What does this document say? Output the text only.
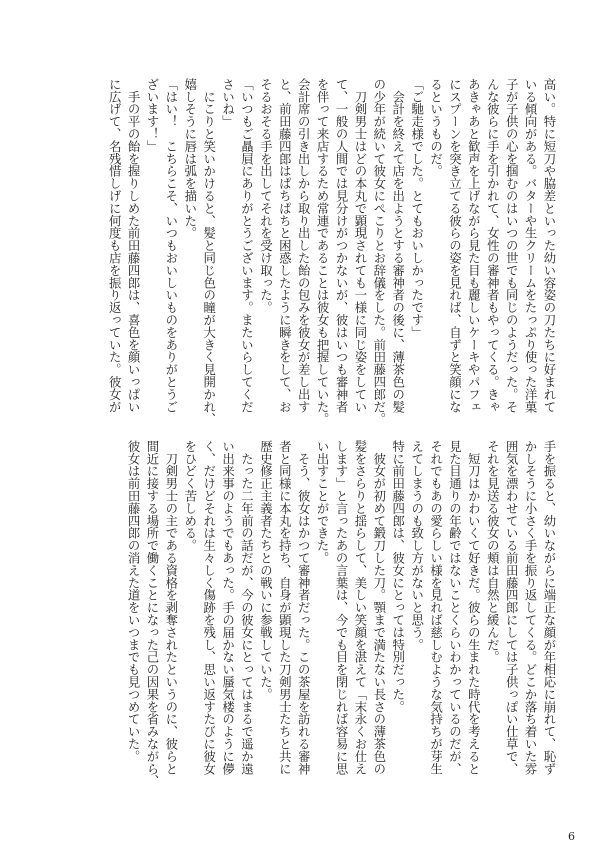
高い。特に短刀や脇差といった幼い容姿の刀たちに好まれて
いる傾向がある。バターや生クリームをたっぷり使った洋菓
子が子供の心を掴むのはいつの世でも同じのようだった。そ
んな彼らに手を引かれて、女性の審神者もやってくる。きゃ
あきゃあと歓声を上げながら見た目も麗しいケーキやパフェ
にスプーンを突き立てる彼らの姿を見れば、自ずと笑顔にな
るというものだ。
「ご馳走様でした。とてもおいしかったです」
　会計を終えて店を出ようとする審神者の後に、薄茶色の髪
の少年が続いて彼女にぺこりとお辞儀をした。前田藤四郎だ。
　刀剣男士はどの本丸で顕現されても一様に同じ姿をしてい
て、一般の人間では見分けがつかないが、彼はいつも審神者
を伴って来店するため常連であることは彼女も把握していた。
会計席の引き出しから取り出した飴の包みを彼女が差し出す
と、前田藤四郎はぱちぱちと困惑したように瞬きをして、お
そるおそる手を出してそれを受け取った。
「いつもご贔屓にありがとうございます。またいらしてくだ
さいね」
　にこりと笑いかけると、髪と同じ色の瞳が大きく見開かれ、
嬉しそうに唇は弧を描いた。
「はい！　こちらこそ、いつもおいしいものをありがとうご
ざいます！」
　手の平の飴を握りしめた前田藤四郎は、喜色を顔いっぱい
に広げて、名残惜しげに何度も店を振り返っていた。彼女が
手を振ると、幼いながらに端正な顔が年相応に崩れて、恥ず
かしそうに小さく手を振り返してくる。どこか落ち着いた雰
囲気を漂わせている前田藤四郎にしては子供っぽい仕草で、
それを見送る彼女の頬は自然と緩んだ。
　短刀はかわいくて好きだ。彼らの生まれた時代を考えると
見た目通りの年齢ではないことくらいわかっているのだが、
それでもあの愛らしい様を見れば慈しむような気持ちが芽生
えてしまうのも致し方がないと思う。
特に前田藤四郎は、彼女にとっては特別だった。
　彼女が初めて鍛刀した刀。顎まで満たない長さの薄茶色の
髪をさらりと揺らして、美しい笑顔を湛えて「末永くお仕え
します」と言ったあの言葉は、今でも目を閉じれば容易に思
い出すことができた。
　そう、彼女はかつて審神者だった。この茶屋を訪れる審神
者と同様に本丸を持ち、自身が顕現した刀剣男士たちと共に
歴史修正主義者たちとの戦いに参戦していた。
　たった二年前の話だが、今の彼女にとってはまるで遥か遠
い出来事のようでもあった。手の届かない蜃気楼のように儚
く、だけどそれは生々しく傷跡を残し、思い返すたびに彼女
をひどく苦しめる。
　刀剣男士の主である資格を剥奪されたというのに、彼らと
間近に接する場所で働くことになった己の因果を省みながら、
彼女は前田藤四郎の消えた道をいつまでも見つめていた。
6
